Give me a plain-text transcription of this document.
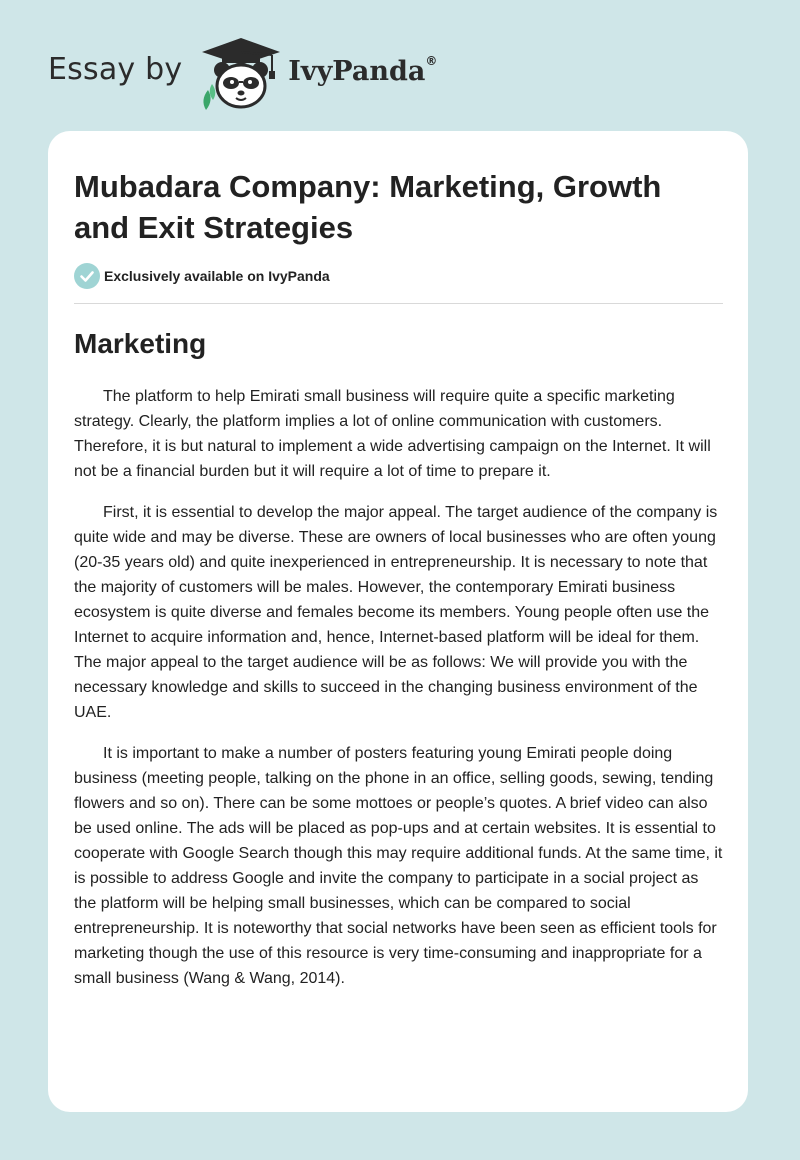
Essay by	IvyPanda®
Mubadara Company: Marketing, Growth and Exit Strategies
Exclusively available on IvyPanda
Marketing

The platform to help Emirati small business will require quite a specific marketing strategy. Clearly, the platform implies a lot of online communication with customers. Therefore, it is but natural to implement a wide advertising campaign on the Internet. It will not be a financial burden but it will require a lot of time to prepare it.

First, it is essential to develop the major appeal. The target audience of the company is quite wide and may be diverse. These are owners of local businesses who are often young (20-35 years old) and quite inexperienced in entrepreneurship. It is necessary to note that the majority of customers will be males. However, the contemporary Emirati business ecosystem is quite diverse and females become its members. Young people often use the Internet to acquire information and, hence, Internet-based platform will be ideal for them. The major appeal to the target audience will be as follows: We will provide you with the necessary knowledge and skills to succeed in the changing business environment of the UAE.

It is important to make a number of posters featuring young Emirati people doing business (meeting people, talking on the phone in an office, selling goods, sewing, tending flowers and so on). There can be some mottoes or people’s quotes. A brief video can also be used online. The ads will be placed as pop-ups and at certain websites. It is essential to cooperate with Google Search though this may require additional funds. At the same time, it is possible to address Google and invite the company to participate in a social project as the platform will be helping small businesses, which can be compared to social entrepreneurship. It is noteworthy that social networks have been seen as efficient tools for marketing though the use of this resource is very time-consuming and inappropriate for a small business (Wang & Wang, 2014).
